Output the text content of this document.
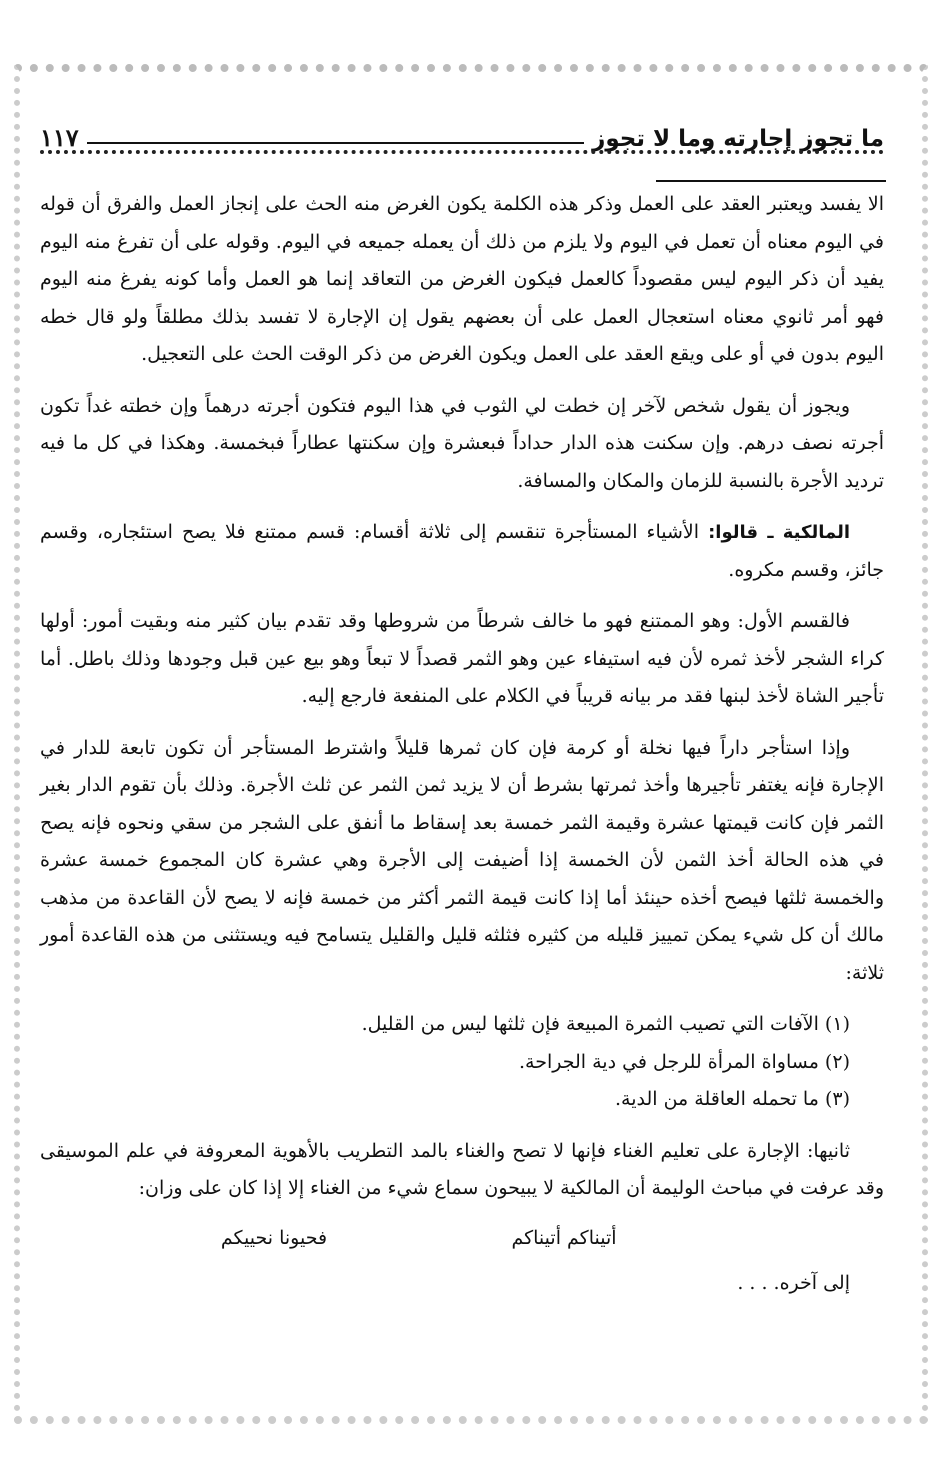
ما تجوز إجارته وما لا تجوز
١١٧

الا يفسد ويعتبر العقد على العمل وذكر هذه الكلمة يكون الغرض منه الحث على إنجاز العمل والفرق أن قوله في اليوم معناه أن تعمل في اليوم ولا يلزم من ذلك أن يعمله جميعه في اليوم. وقوله على أن تفرغ منه اليوم يفيد أن ذكر اليوم ليس مقصوداً كالعمل فيكون الغرض من التعاقد إنما هو العمل وأما كونه يفرغ منه اليوم فهو أمر ثانوي معناه استعجال العمل على أن بعضهم يقول إن الإجارة لا تفسد بذلك مطلقاً ولو قال خطه اليوم بدون في أو على ويقع العقد على العمل ويكون الغرض من ذكر الوقت الحث على التعجيل.

ويجوز أن يقول شخص لآخر إن خطت لي الثوب في هذا اليوم فتكون أجرته درهماً وإن خطته غداً تكون أجرته نصف درهم. وإن سكنت هذه الدار حداداً فبعشرة وإن سكنتها عطاراً فبخمسة. وهكذا في كل ما فيه ترديد الأجرة بالنسبة للزمان والمكان والمسافة.

المالكية ـ قالوا: الأشياء المستأجرة تنقسم إلى ثلاثة أقسام: قسم ممتنع فلا يصح استئجاره، وقسم جائز، وقسم مكروه.

فالقسم الأول: وهو الممتنع فهو ما خالف شرطاً من شروطها وقد تقدم بيان كثير منه وبقيت أمور: أولها كراء الشجر لأخذ ثمره لأن فيه استيفاء عين وهو الثمر قصداً لا تبعاً وهو بيع عين قبل وجودها وذلك باطل. أما تأجير الشاة لأخذ لبنها فقد مر بيانه قريباً في الكلام على المنفعة فارجع إليه.

وإذا استأجر داراً فيها نخلة أو كرمة فإن كان ثمرها قليلاً واشترط المستأجر أن تكون تابعة للدار في الإجارة فإنه يغتفر تأجيرها وأخذ ثمرتها بشرط أن لا يزيد ثمن الثمر عن ثلث الأجرة. وذلك بأن تقوم الدار بغير الثمر فإن كانت قيمتها عشرة وقيمة الثمر خمسة بعد إسقاط ما أنفق على الشجر من سقي ونحوه فإنه يصح في هذه الحالة أخذ الثمن لأن الخمسة إذا أضيفت إلى الأجرة وهي عشرة كان المجموع خمسة عشرة والخمسة ثلثها فيصح أخذه حينئذ أما إذا كانت قيمة الثمر أكثر من خمسة فإنه لا يصح لأن القاعدة من مذهب مالك أن كل شيء يمكن تمييز قليله من كثيره فثلثه قليل والقليل يتسامح فيه ويستثنى من هذه القاعدة أمور ثلاثة:

(١) الآفات التي تصيب الثمرة المبيعة فإن ثلثها ليس من القليل.

(٢) مساواة المرأة للرجل في دية الجراحة.

(٣) ما تحمله العاقلة من الدية.

ثانيها: الإجارة على تعليم الغناء فإنها لا تصح والغناء بالمد التطريب بالأهوية المعروفة في علم الموسيقى وقد عرفت في مباحث الوليمة أن المالكية لا يبيحون سماع شيء من الغناء إلا إذا كان على وزان:

أتيناكم أتيناكم
فحيونا نحييكم

إلى آخره. . . .
